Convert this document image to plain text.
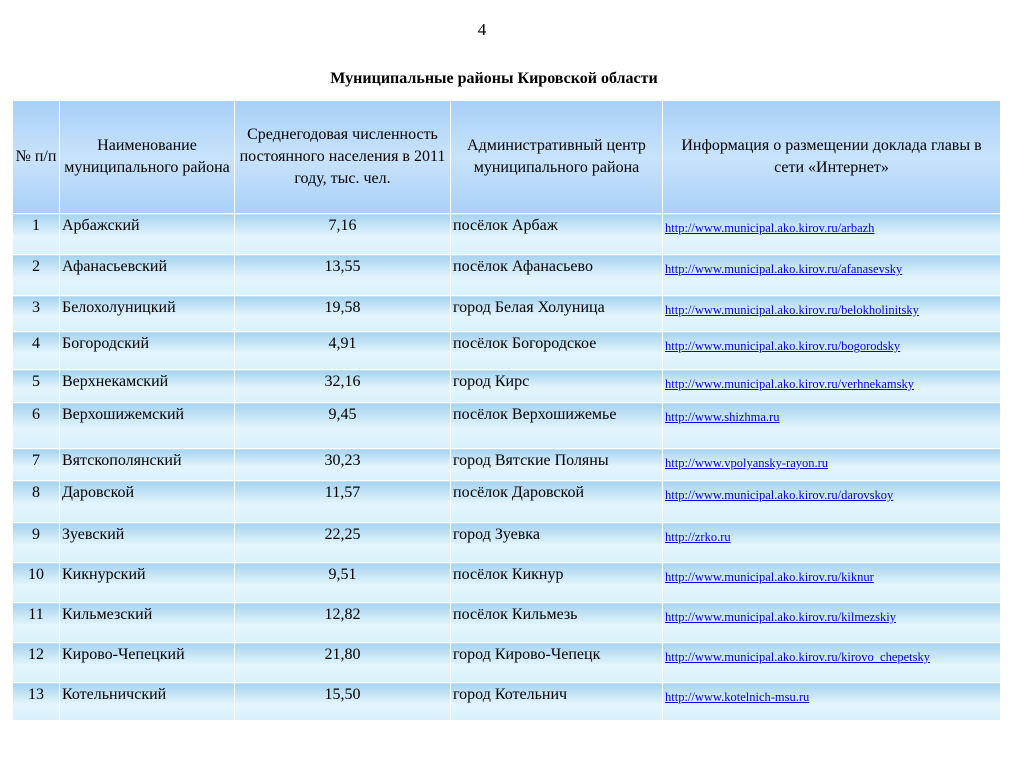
4
Муниципальные районы Кировской области
№ п/п	Наименование муниципального района	Среднегодовая численность постоянного населения в 2011 году, тыс. чел.	Административный центр муниципального района	Информация о размещении доклада главы в сети «Интернет»
1	Арбажский	7,16	посёлок Арбаж	http://www.municipal.ako.kirov.ru/arbazh
2	Афанасьевский	13,55	посёлок Афанасьево	http://www.municipal.ako.kirov.ru/afanasevsky
3	Белохолуницкий	19,58	город Белая Холуница	http://www.municipal.ako.kirov.ru/belokholinitsky
4	Богородский	4,91	посёлок Богородское	http://www.municipal.ako.kirov.ru/bogorodsky
5	Верхнекамский	32,16	город Кирс	http://www.municipal.ako.kirov.ru/verhnekamsky
6	Верхошижемский	9,45	посёлок Верхошижемье	http://www.shizhma.ru
7	Вятскополянский	30,23	город Вятские Поляны	http://www.vpolyansky-rayon.ru
8	Даровской	11,57	посёлок Даровской	http://www.municipal.ako.kirov.ru/darovskoy
9	Зуевский	22,25	город Зуевка	http://zrko.ru
10	Кикнурский	9,51	посёлок Кикнур	http://www.municipal.ako.kirov.ru/kiknur
11	Кильмезский	12,82	посёлок Кильмезь	http://www.municipal.ako.kirov.ru/kilmezskiy
12	Кирово-Чепецкий	21,80	город Кирово-Чепецк	http://www.municipal.ako.kirov.ru/kirovo_chepetsky
13	Котельничский	15,50	город Котельнич	http://www.kotelnich-msu.ru
